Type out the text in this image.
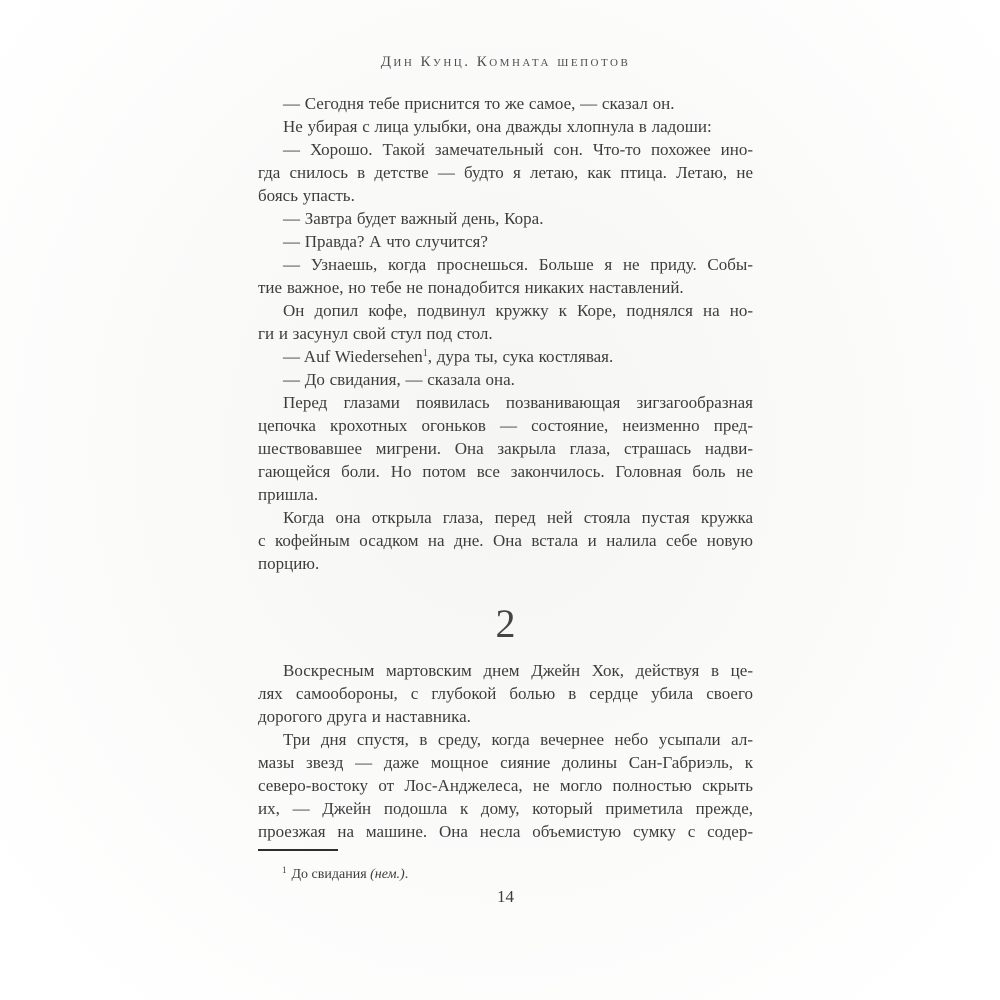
Дин Кунц. Комната шепотов
— Сегодня тебе приснится то же самое, — сказал он.
Не убирая с лица улыбки, она дважды хлопнула в ладоши:
— Хорошо. Такой замечательный сон. Что-то похожее ино-
гда снилось в детстве — будто я летаю, как птица. Летаю, не
боясь упасть.
— Завтра будет важный день, Кора.
— Правда? А что случится?
— Узнаешь, когда проснешься. Больше я не приду. Собы-
тие важное, но тебе не понадобится никаких наставлений.
Он допил кофе, подвинул кружку к Коре, поднялся на но-
ги и засунул свой стул под стол.
— Auf Wiedersehen$^1$, дура ты, сука костлявая.
— До свидания, — сказала она.
Перед глазами появилась позванивающая зигзагообразная
цепочка крохотных огоньков — состояние, неизменно пред-
шествовавшее мигрени. Она закрыла глаза, страшась надви-
гающейся боли. Но потом все закончилось. Головная боль не
пришла.
Когда она открыла глаза, перед ней стояла пустая кружка
с кофейным осадком на дне. Она встала и налила себе новую
порцию.
2
Воскресным мартовским днем Джейн Хок, действуя в це-
лях самообороны, с глубокой болью в сердце убила своего
дорогого друга и наставника.
Три дня спустя, в среду, когда вечернее небо усыпали ал-
мазы звезд — даже мощное сияние долины Сан-Габриэль, к
северо-востоку от Лос-Анджелеса, не могло полностью скрыть
их, — Джейн подошла к дому, который приметила прежде,
проезжая на машине. Она несла объемистую сумку с содер-
$^1$ До свидания (нем.).
14
